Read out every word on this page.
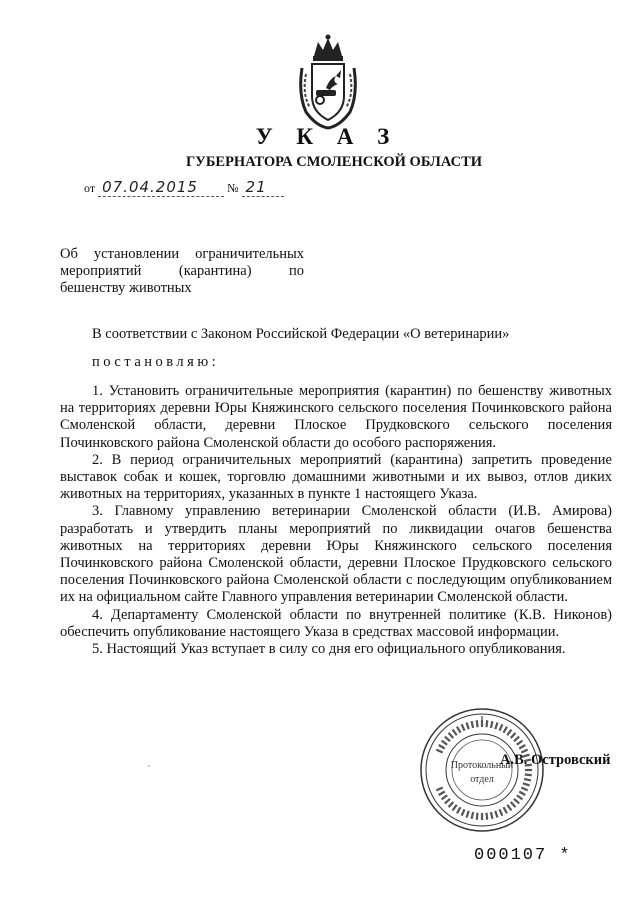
У К А З
ГУБЕРНАТОРА СМОЛЕНСКОЙ ОБЛАСТИ
от 07.04.2015 № 21
Об установлении ограничительных
мероприятий (карантина) по
бешенству животных
В соответствии с Законом Российской Федерации «О ветеринарии»
постановляю:

1. Установить ограничительные мероприятия (карантин) по бешенству животных на территориях деревни Юры Княжинского сельского поселения Починковского района Смоленской области, деревни Плоское Прудковского сельского поселения Починковского района Смоленской области до особого распоряжения.

2. В период ограничительных мероприятий (карантина) запретить проведение выставок собак и кошек, торговлю домашними животными и их вывоз, отлов диких животных на территориях, указанных в пункте 1 настоящего Указа.

3. Главному управлению ветеринарии Смоленской области (И.В. Амирова) разработать и утвердить планы мероприятий по ликвидации очагов бешенства животных на территориях деревни Юры Княжинского сельского поселения Починковского района Смоленской области, деревни Плоское Прудковского сельского поселения Починковского района Смоленской области с последующим опубликованием их на официальном сайте Главного управления ветеринарии Смоленской области.

4. Департаменту Смоленской области по внутренней политике (К.В. Никонов) обеспечить опубликование настоящего Указа в средствах массовой информации.

5. Настоящий Указ вступает в силу со дня его официального опубликования.

Протокольный
отдел
А.В. Островский
000107 *
